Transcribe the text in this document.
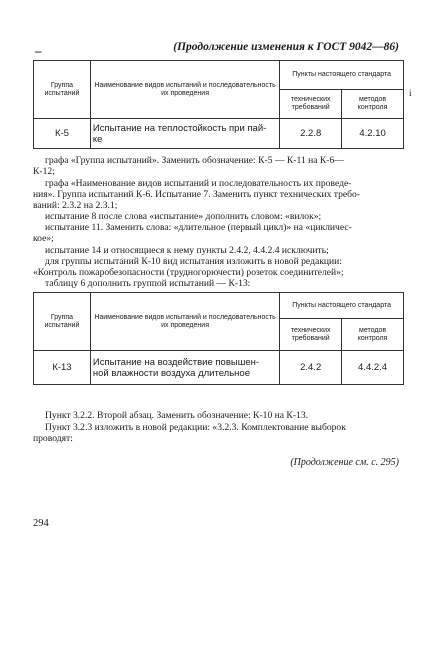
–	(Продолжение изменения к ГОСТ 9042—86)
i
Группа испытаний	Наименование видов испытаний и последовательность их проведения	Пункты настоящего стандарта	
		технических требований	методов контроля
К-5	Испытание на теплостойкость при пай-
ке	2.2.8	4.2.10
графа «Группа испытаний». Заменить обозначение: К-5 — К-11 на К-6—
К-12;
графа «Наименование видов испытаний и последовательность их проведе-
ния». Группа испытаний К-6. Испытание 7. Заменить пункт технических требо-
ваний: 2.3.2 на 2.3.1;
испытание 8 после слова «испытание» дополнить словом: «вилок»;
испытание 11. Заменить слова: «длительное (первый цикл)» на «цикличес-
кое»;
испытание 14 и относящиеся к нему пункты 2.4.2, 4.4.2.4 исключить;
для группы испытаний К-10 вид испытания изложить в новой редакции:
«Контроль пожаробезопасности (трудногорючести) розеток соединителей»;
таблицу 6 дополнить группой испытаний — К-13:
Группа испытаний	Наименование видов испытаний и последовательность их проведения	Пункты настоящего стандарта	
		технических требований	методов контроля
К-13	Испытание на воздействие повышен-
ной влажности воздуха длительное	2.4.2	4.4.2.4
Пункт 3.2.2. Второй абзац. Заменить обозначение: К-10 на К-13.
Пункт 3.2.3 изложить в новой редакции: «3.2.3. Комплектование выборок
проводят:
(Продолжение см. с. 295)
294
